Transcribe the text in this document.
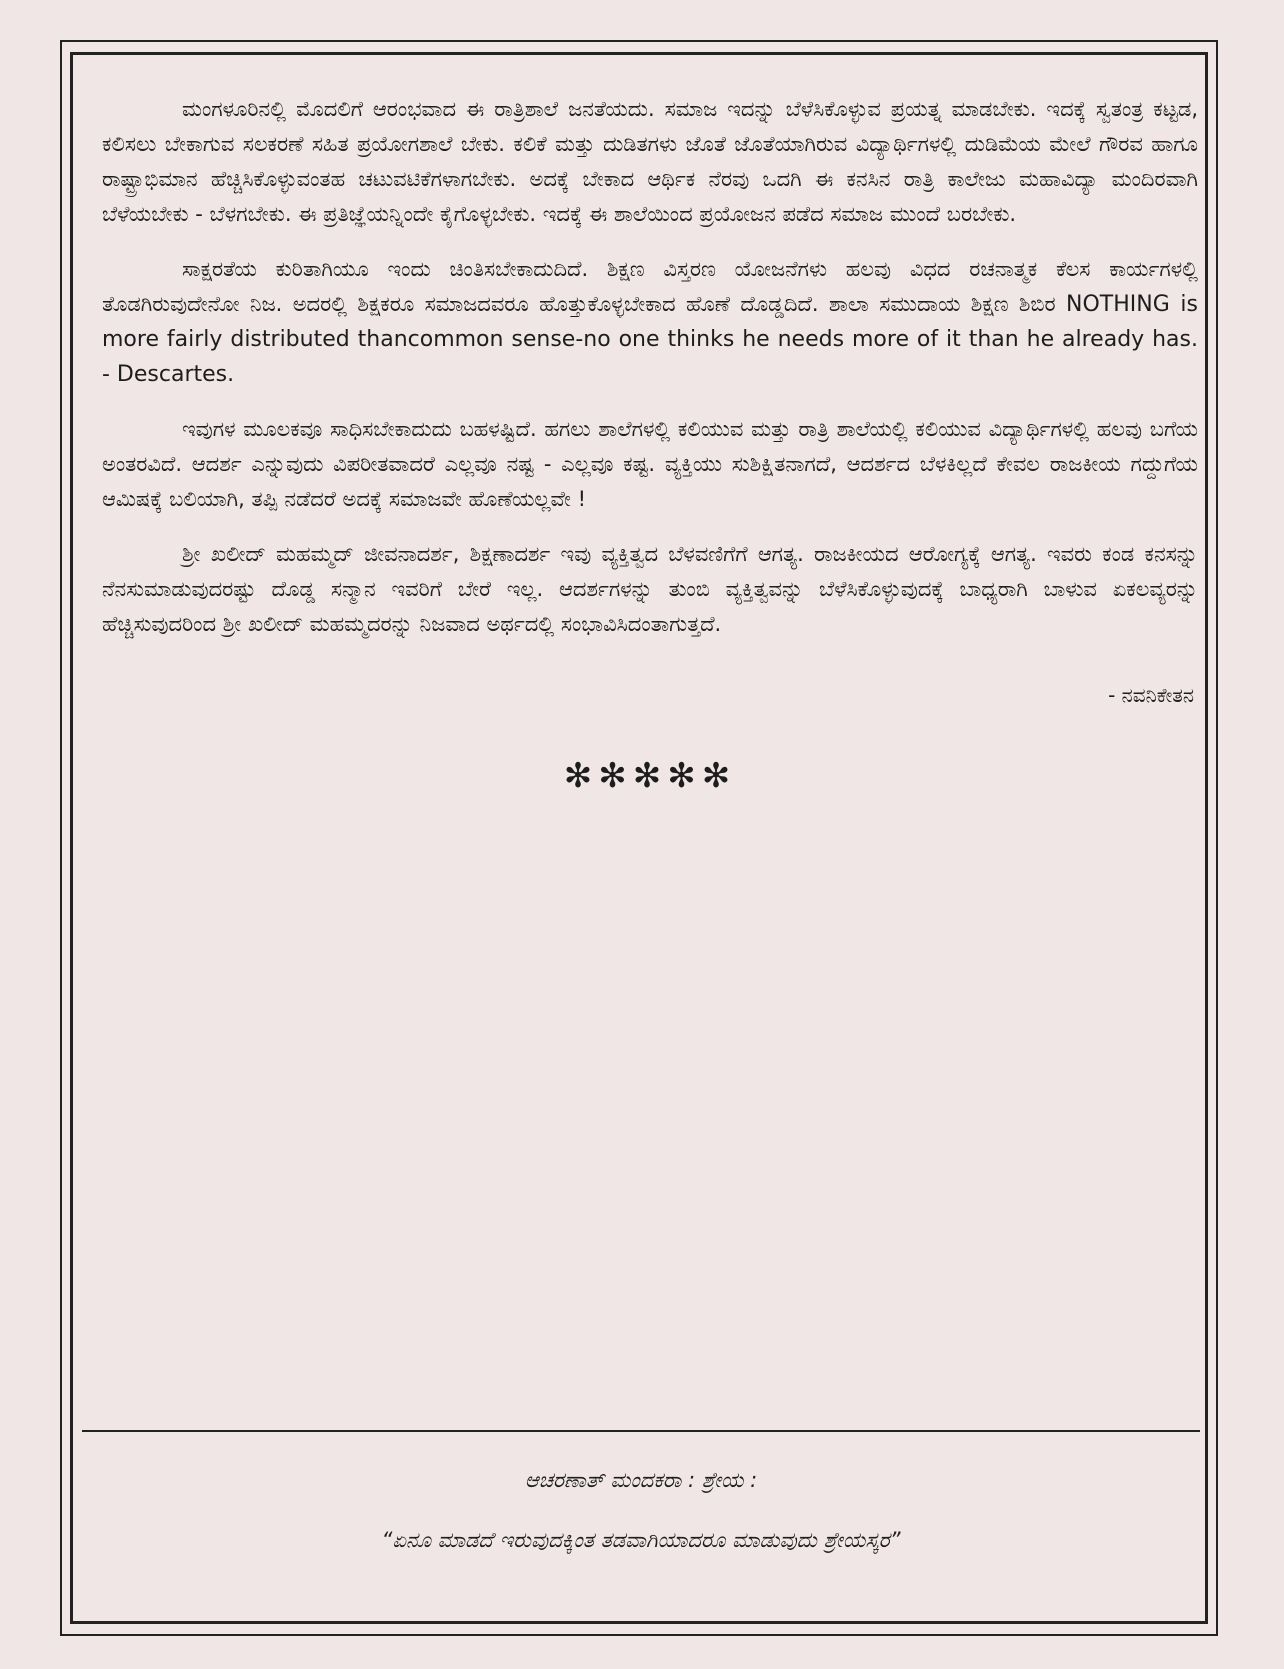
ಮಂಗಳೂರಿನಲ್ಲಿ ಮೊದಲಿಗೆ ಆರಂಭವಾದ ಈ ರಾತ್ರಿಶಾಲೆ ಜನತೆಯದು. ಸಮಾಜ ಇದನ್ನು ಬೆಳೆಸಿಕೊಳ್ಳುವ ಪ್ರಯತ್ನ ಮಾಡಬೇಕು. ಇದಕ್ಕೆ ಸ್ವತಂತ್ರ ಕಟ್ಟಡ, ಕಲಿಸಲು ಬೇಕಾಗುವ ಸಲಕರಣೆ ಸಹಿತ ಪ್ರಯೋಗಶಾಲೆ ಬೇಕು. ಕಲಿಕೆ ಮತ್ತು ದುಡಿತಗಳು ಜೊತೆ ಜೊತೆಯಾಗಿರುವ ವಿದ್ಯಾರ್ಥಿಗಳಲ್ಲಿ ದುಡಿಮೆಯ ಮೇಲೆ ಗೌರವ ಹಾಗೂ ರಾಷ್ಟ್ರಾಭಿಮಾನ ಹೆಚ್ಚಿಸಿಕೊಳ್ಳುವಂತಹ ಚಟುವಟಿಕೆಗಳಾಗಬೇಕು. ಅದಕ್ಕೆ ಬೇಕಾದ ಆರ್ಥಿಕ ನೆರವು ಒದಗಿ ಈ ಕನಸಿನ ರಾತ್ರಿ ಕಾಲೇಜು ಮಹಾವಿದ್ಯಾ ಮಂದಿರವಾಗಿ ಬೆಳೆಯಬೇಕು - ಬೆಳಗಬೇಕು. ಈ ಪ್ರತಿಜ್ಞೆಯನ್ನಿಂದೇ ಕೈಗೊಳ್ಳಬೇಕು. ಇದಕ್ಕೆ ಈ ಶಾಲೆಯಿಂದ ಪ್ರಯೋಜನ ಪಡೆದ ಸಮಾಜ ಮುಂದೆ ಬರಬೇಕು.

ಸಾಕ್ಷರತೆಯ ಕುರಿತಾಗಿಯೂ ಇಂದು ಚಿಂತಿಸಬೇಕಾದುದಿದೆ. ಶಿಕ್ಷಣ ವಿಸ್ತರಣ ಯೋಜನೆಗಳು ಹಲವು ವಿಧದ ರಚನಾತ್ಮಕ ಕೆಲಸ ಕಾರ್ಯಗಳಲ್ಲಿ ತೊಡಗಿರುವುದೇನೋ ನಿಜ. ಅದರಲ್ಲಿ ಶಿಕ್ಷಕರೂ ಸಮಾಜದವರೂ ಹೊತ್ತುಕೊಳ್ಳಬೇಕಾದ ಹೊಣೆ ದೊಡ್ಡದಿದೆ. ಶಾಲಾ ಸಮುದಾಯ ಶಿಕ್ಷಣ ಶಿಬಿರ NOTHING is more fairly distributed thancommon sense-no one thinks he needs more of it than he already has. - Descartes.

ಇವುಗಳ ಮೂಲಕವೂ ಸಾಧಿಸಬೇಕಾದುದು ಬಹಳಷ್ಟಿದೆ. ಹಗಲು ಶಾಲೆಗಳಲ್ಲಿ ಕಲಿಯುವ ಮತ್ತು ರಾತ್ರಿ ಶಾಲೆಯಲ್ಲಿ ಕಲಿಯುವ ವಿದ್ಯಾರ್ಥಿಗಳಲ್ಲಿ ಹಲವು ಬಗೆಯ ಅಂತರವಿದೆ. ಆದರ್ಶ ಎನ್ನುವುದು ವಿಪರೀತವಾದರೆ ಎಲ್ಲವೂ ನಷ್ಟ - ಎಲ್ಲವೂ ಕಷ್ಟ. ವ್ಯಕ್ತಿಯು ಸುಶಿಕ್ಷಿತನಾಗದೆ, ಆದರ್ಶದ ಬೆಳಕಿಲ್ಲದೆ ಕೇವಲ ರಾಜಕೀಯ ಗದ್ದುಗೆಯ ಆಮಿಷಕ್ಕೆ ಬಲಿಯಾಗಿ, ತಪ್ಪಿ ನಡೆದರೆ ಅದಕ್ಕೆ ಸಮಾಜವೇ ಹೊಣೆಯಲ್ಲವೇ !

ಶ್ರೀ ಖಲೀದ್ ಮಹಮ್ಮದ್ ಜೀವನಾದರ್ಶ, ಶಿಕ್ಷಣಾದರ್ಶ ಇವು ವ್ಯಕ್ತಿತ್ವದ ಬೆಳವಣಿಗೆಗೆ ಆಗತ್ಯ. ರಾಜಕೀಯದ ಆರೋಗ್ಯಕ್ಕೆ ಆಗತ್ಯ. ಇವರು ಕಂಡ ಕನಸನ್ನು ನೆನಸುಮಾಡುವುದರಷ್ಟು ದೊಡ್ಡ ಸನ್ಮಾನ ಇವರಿಗೆ ಬೇರೆ ಇಲ್ಲ. ಆದರ್ಶಗಳನ್ನು ತುಂಬಿ ವ್ಯಕ್ತಿತ್ವವನ್ನು ಬೆಳೆಸಿಕೊಳ್ಳುವುದಕ್ಕೆ ಬಾಧ್ಯರಾಗಿ ಬಾಳುವ ಏಕಲವ್ಯರನ್ನು ಹೆಚ್ಚಿಸುವುದರಿಂದ ಶ್ರೀ ಖಲೀದ್ ಮಹಮ್ಮದರನ್ನು ನಿಜವಾದ ಅರ್ಥದಲ್ಲಿ ಸಂಭಾವಿಸಿದಂತಾಗುತ್ತದೆ.

- ನವನಿಕೇತನ
✻✻✻✻✻
ಆಚರಣಾತ್ ಮಂದಕರಾ : ಶ್ರೇಯ :
“ಏನೂ ಮಾಡದೆ ಇರುವುದಕ್ಕಿಂತ ತಡವಾಗಿಯಾದರೂ ಮಾಡುವುದು ಶ್ರೇಯಸ್ಕರ”
